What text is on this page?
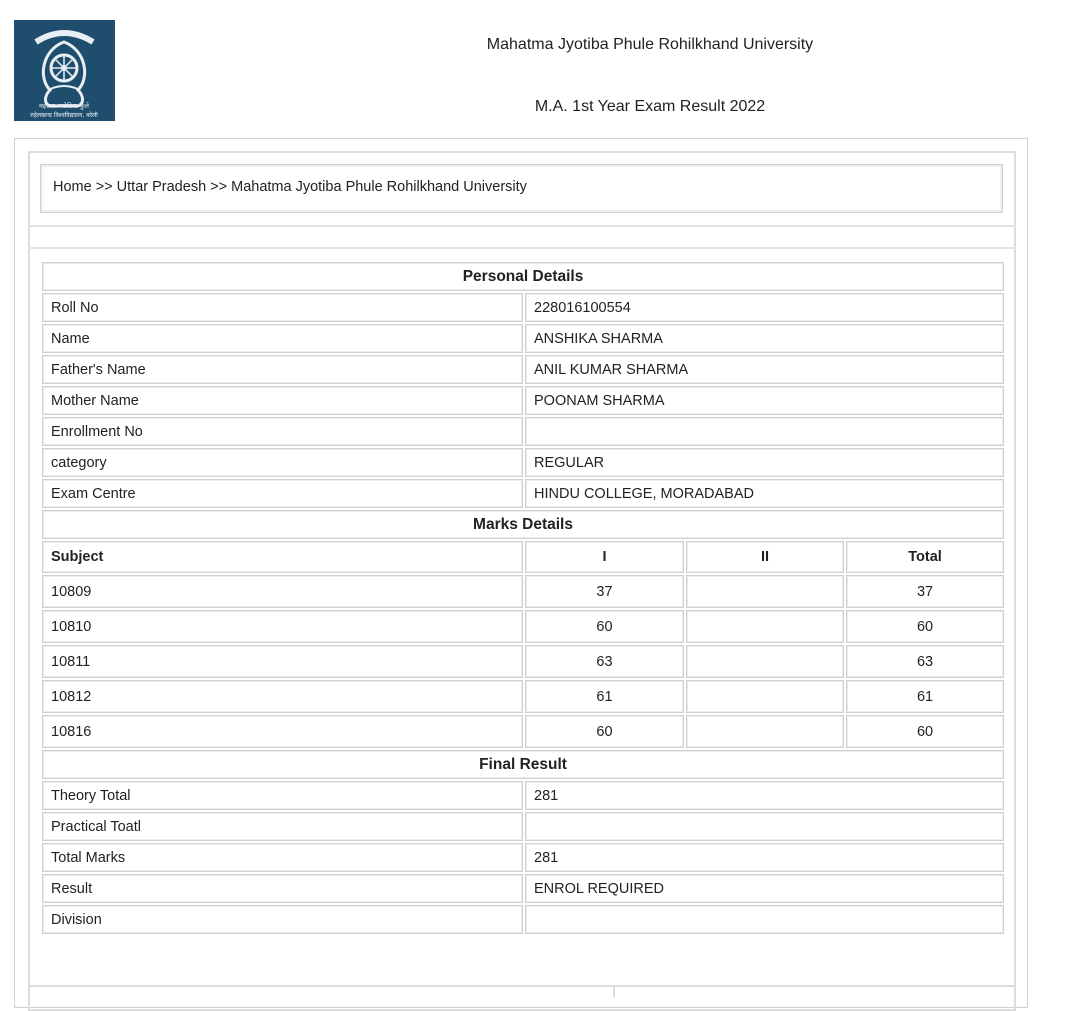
महात्मा ज्योतिबा फुले
रुहेलखण्ड विश्वविद्यालय, बरेली
Mahatma Jyotiba Phule Rohilkhand University
M.A. 1st Year Exam Result 2022
Home >> Uttar Pradesh >> Mahatma Jyotiba Phule Rohilkhand University
Personal Details			
Roll No	228016100554		
Name	ANSHIKA SHARMA		
Father's Name	ANIL KUMAR SHARMA		
Mother Name	POONAM SHARMA		
Enrollment No			
category	REGULAR		
Exam Centre	HINDU COLLEGE, MORADABAD		
Marks Details			
Subject	I	II	Total
10809	37		37
10810	60		60
10811	63		63
10812	61		61
10816	60		60
Final Result			
Theory Total	281		
Practical Toatl			
Total Marks	281		
Result	ENROL REQUIRED		
Division			
